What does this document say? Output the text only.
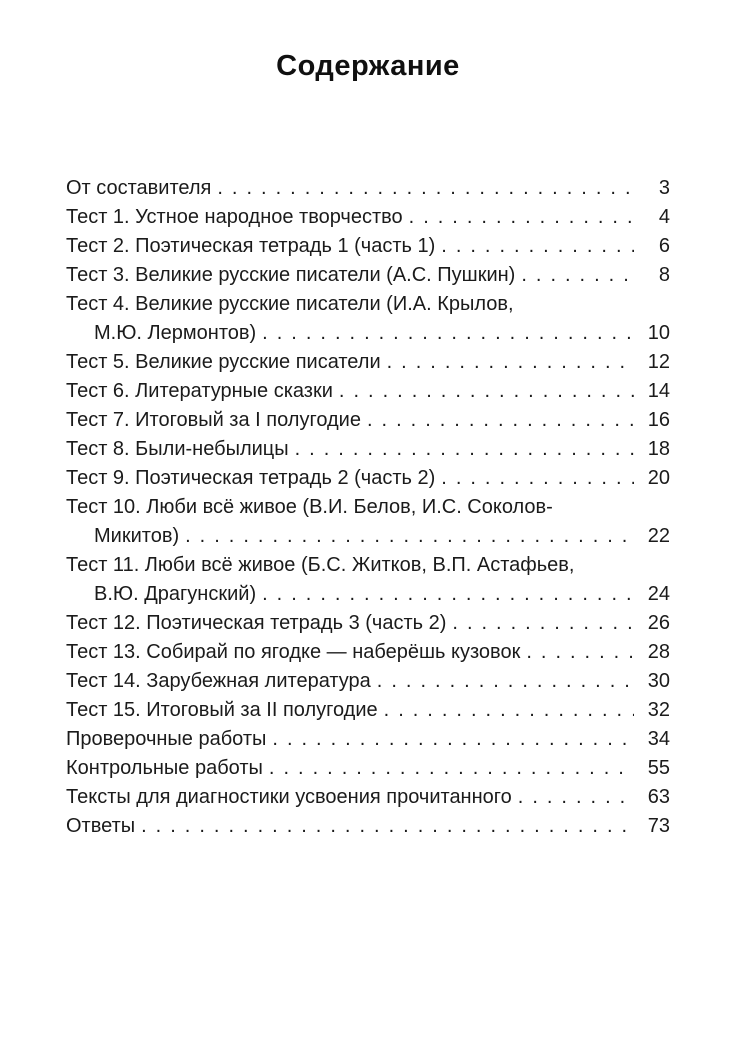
Содержание
От составителя .....	3
Тест 1. Устное народное творчество .....	4
Тест 2. Поэтическая тетрадь 1 (часть 1) .....	6
Тест 3. Великие русские писатели (А.С. Пушкин) .....	8
Тест 4. Великие русские писатели (И.А. Крылов,
М.Ю. Лермонтов) .....	10
Тест 5. Великие русские писатели .....	12
Тест 6. Литературные сказки .....	14
Тест 7. Итоговый за I полугодие .....	16
Тест 8. Были-небылицы .....	18
Тест 9. Поэтическая тетрадь 2 (часть 2) .....	20
Тест 10. Люби всё живое (В.И. Белов, И.С. Соколов-
Микитов) .....	22
Тест 11. Люби всё живое (Б.С. Житков, В.П. Астафьев,
В.Ю. Драгунский) .....	24
Тест 12. Поэтическая тетрадь 3 (часть 2) .....	26
Тест 13. Собирай по ягодке — наберёшь кузовок .....	28
Тест 14. Зарубежная литература .....	30
Тест 15. Итоговый за II полугодие .....	32
Проверочные работы .....	34
Контрольные работы .....	55
Тексты для диагностики усвоения прочитанного .....	63
Ответы .....	73
